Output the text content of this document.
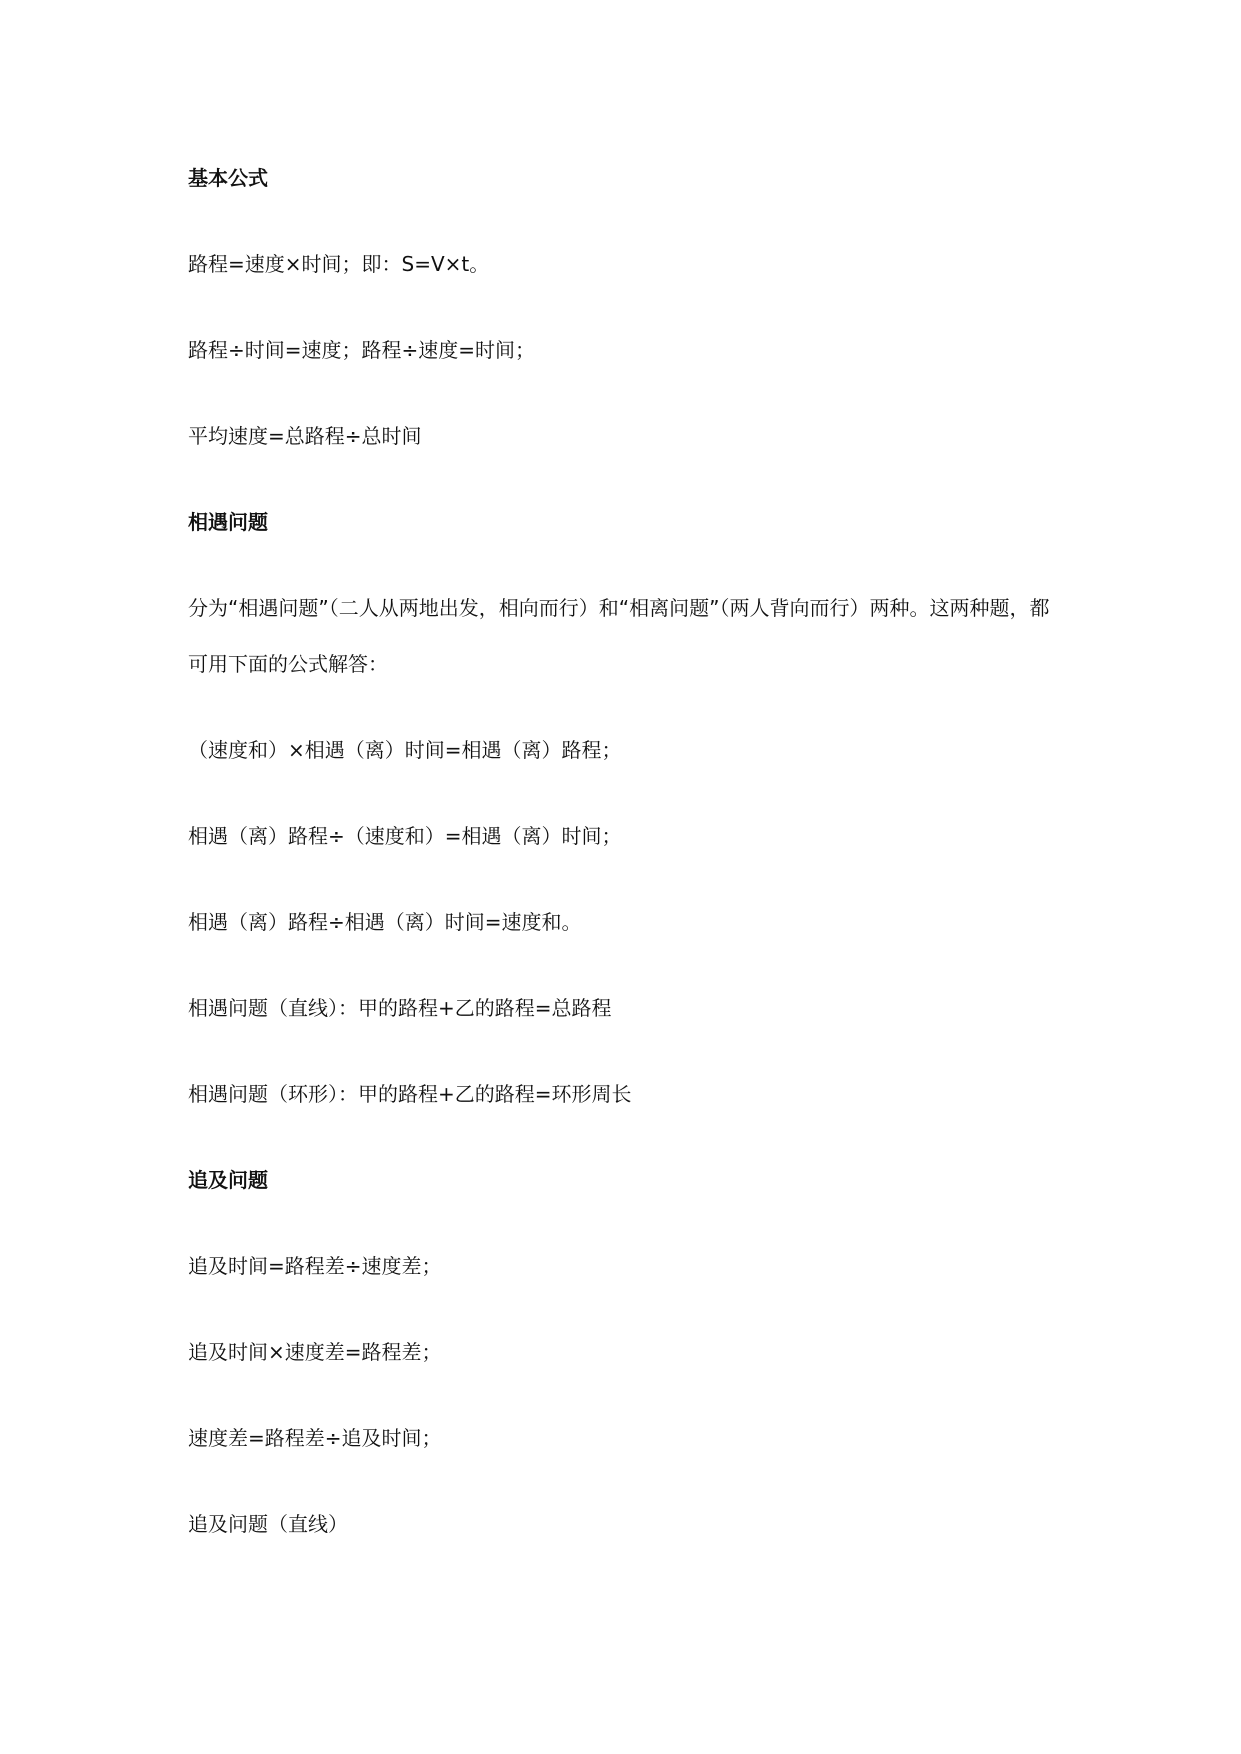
基本公式
路程=速度×时间；即：S=V×t。
路程÷时间=速度；路程÷速度=时间；
平均速度=总路程÷总时间
相遇问题
分为“相遇问题”（二人从两地出发，相向而行）和“相离问题”（两人背向而行）两种。这两种题，都可用下面的公式解答：
（速度和）×相遇（离）时间=相遇（离）路程；
相遇（离）路程÷（速度和）=相遇（离）时间；
相遇（离）路程÷相遇（离）时间=速度和。
相遇问题（直线）：甲的路程+乙的路程=总路程
相遇问题（环形）：甲的路程+乙的路程=环形周长
追及问题
追及时间=路程差÷速度差；
追及时间×速度差=路程差；
速度差=路程差÷追及时间；
追及问题（直线）
